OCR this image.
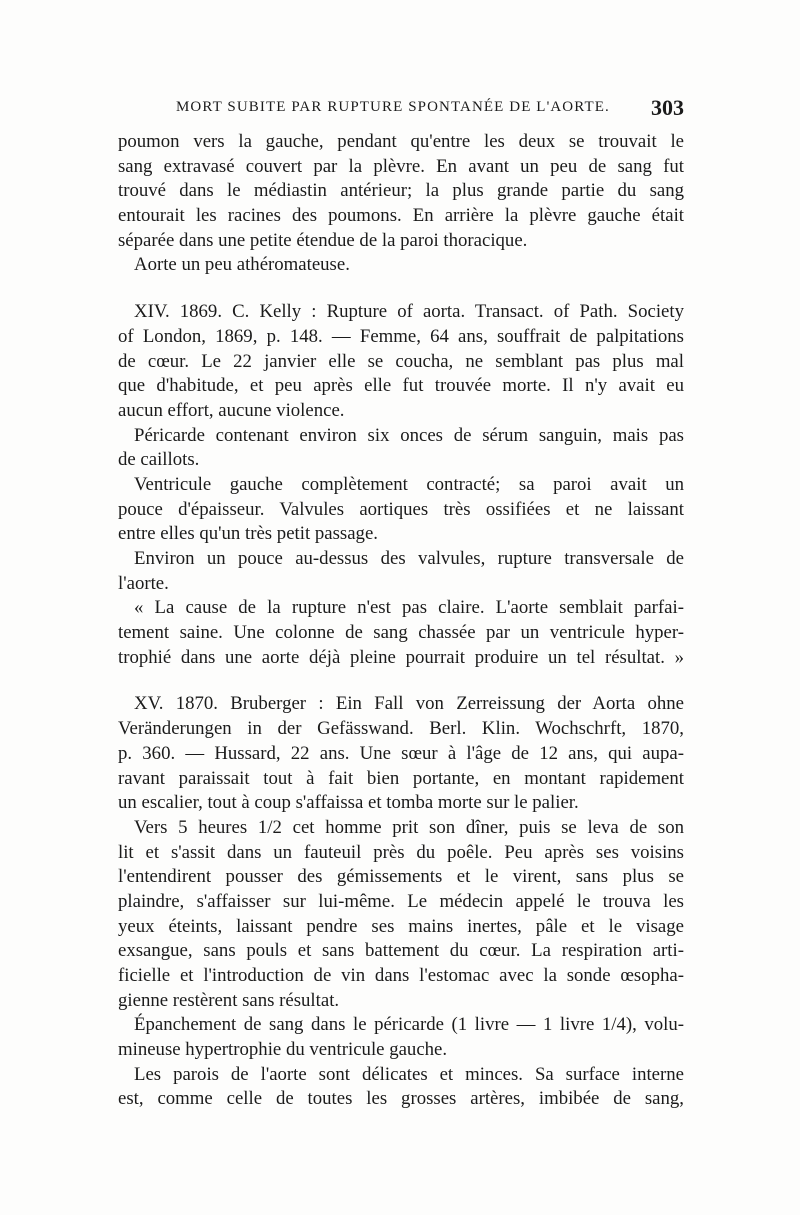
MORT SUBITE PAR RUPTURE SPONTANÉE DE L'AORTE. 303
poumon vers la gauche, pendant qu'entre les deux se trouvait le
sang extravasé couvert par la plèvre. En avant un peu de sang fut
trouvé dans le médiastin antérieur; la plus grande partie du sang
entourait les racines des poumons. En arrière la plèvre gauche était
séparée dans une petite étendue de la paroi thoracique.
Aorte un peu athéromateuse.
XIV. 1869. C. Kelly : Rupture of aorta. Transact. of Path. Society
of London, 1869, p. 148. — Femme, 64 ans, souffrait de palpitations
de cœur. Le 22 janvier elle se coucha, ne semblant pas plus mal
que d'habitude, et peu après elle fut trouvée morte. Il n'y avait eu
aucun effort, aucune violence.
Péricarde contenant environ six onces de sérum sanguin, mais pas
de caillots.
Ventricule gauche complètement contracté; sa paroi avait un
pouce d'épaisseur. Valvules aortiques très ossifiées et ne laissant
entre elles qu'un très petit passage.
Environ un pouce au-dessus des valvules, rupture transversale de
l'aorte.
« La cause de la rupture n'est pas claire. L'aorte semblait parfai-
tement saine. Une colonne de sang chassée par un ventricule hyper-
trophié dans une aorte déjà pleine pourrait produire un tel résultat. »
XV. 1870. Bruberger : Ein Fall von Zerreissung der Aorta ohne
Veränderungen in der Gefässwand. Berl. Klin. Wochschrft, 1870,
p. 360. — Hussard, 22 ans. Une sœur à l'âge de 12 ans, qui aupa-
ravant paraissait tout à fait bien portante, en montant rapidement
un escalier, tout à coup s'affaissa et tomba morte sur le palier.
Vers 5 heures 1/2 cet homme prit son dîner, puis se leva de son
lit et s'assit dans un fauteuil près du poêle. Peu après ses voisins
l'entendirent pousser des gémissements et le virent, sans plus se
plaindre, s'affaisser sur lui-même. Le médecin appelé le trouva les
yeux éteints, laissant pendre ses mains inertes, pâle et le visage
exsangue, sans pouls et sans battement du cœur. La respiration arti-
ficielle et l'introduction de vin dans l'estomac avec la sonde œsopha-
gienne restèrent sans résultat.
Épanchement de sang dans le péricarde (1 livre — 1 livre 1/4), volu-
mineuse hypertrophie du ventricule gauche.
Les parois de l'aorte sont délicates et minces. Sa surface interne
est, comme celle de toutes les grosses artères, imbibée de sang,
